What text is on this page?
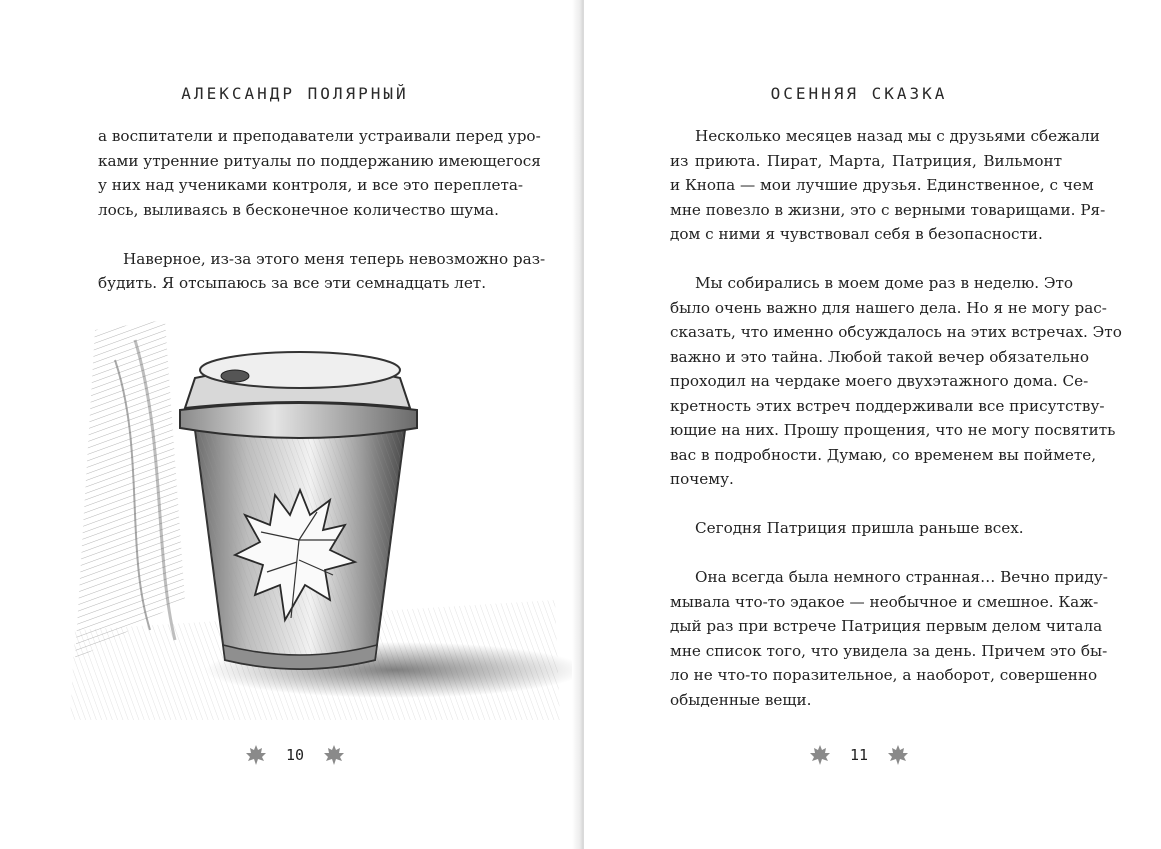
АЛЕКСАНДР ПОЛЯРНЫЙ
а воспитатели и преподаватели устраивали перед уро-
ками утренние ритуалы по поддержанию имеющегося
у них над учениками контроля, и все это переплета-
лось, выливаясь в бесконечное количество шума.
Наверное, из-за этого меня теперь невозможно раз-
будить. Я отсыпаюсь за все эти семнадцать лет.
10
ОСЕННЯЯ СКАЗКА
Несколько месяцев назад мы с друзьями сбежали
из приюта. Пират, Марта, Патриция, Вильмонт
и Кнопа — мои лучшие друзья. Единственное, с чем
мне повезло в жизни, это с верными товарищами. Ря-
дом с ними я чувствовал себя в безопасности.
Мы собирались в моем доме раз в неделю. Это
было очень важно для нашего дела. Но я не могу рас-
сказать, что именно обсуждалось на этих встречах. Это
важно и это тайна. Любой такой вечер обязательно
проходил на чердаке моего двухэтажного дома. Се-
кретность этих встреч поддерживали все присутству-
ющие на них. Прошу прощения, что не могу посвятить
вас в подробности. Думаю, со временем вы поймете,
почему.
Сегодня Патриция пришла раньше всех.
Она всегда была немного странная… Вечно приду-
мывала что-то эдакое — необычное и смешное. Каж-
дый раз при встрече Патриция первым делом читала
мне список того, что увидела за день. Причем это бы-
ло не что-то поразительное, а наоборот, совершенно
обыденные вещи.
11
